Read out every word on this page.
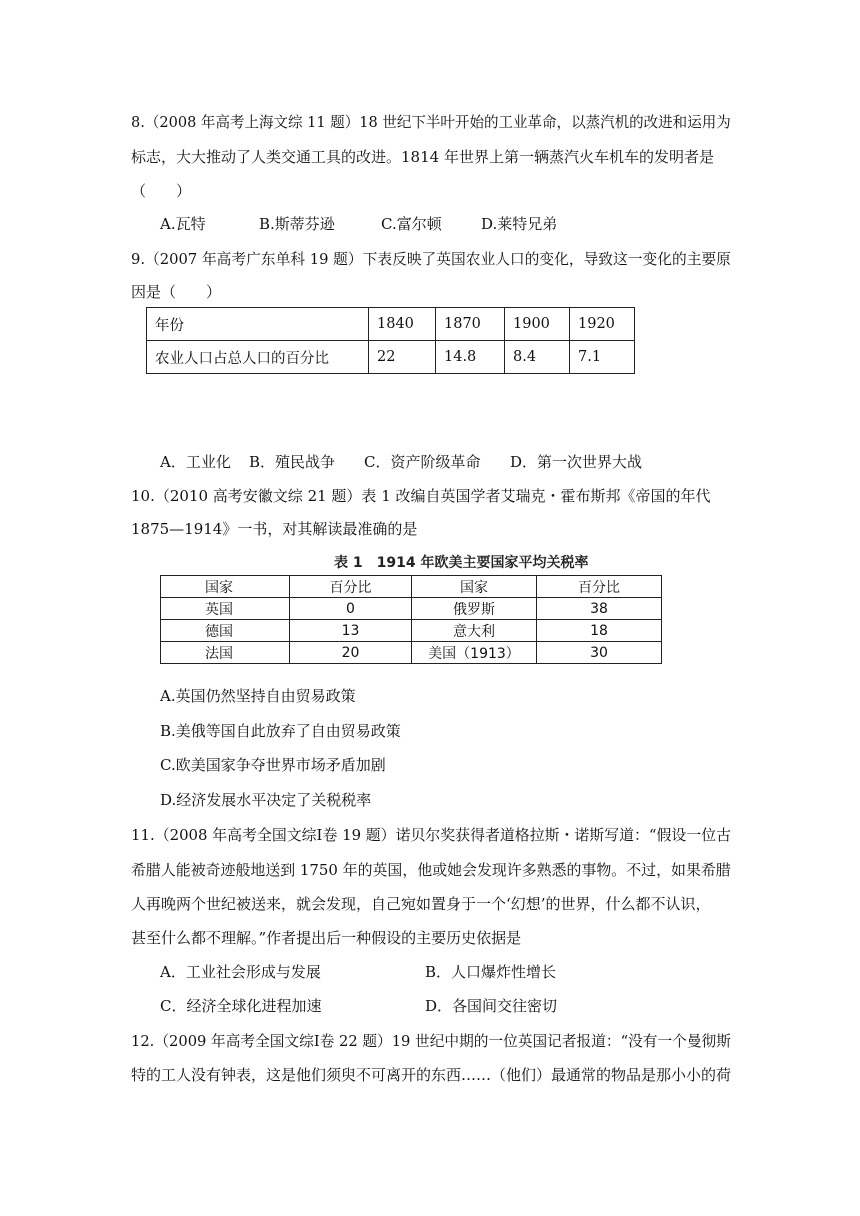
8.（2008 年高考上海文综 11 题）18 世纪下半叶开始的工业革命，以蒸汽机的改进和运用为
标志，大大推动了人类交通工具的改进。1814 年世界上第一辆蒸汽火车机车的发明者是
（　　）
A.瓦特	B.斯蒂芬逊	C.富尔顿	D.莱特兄弟
9.（2007 年高考广东单科 19 题）下表反映了英国农业人口的变化，导致这一变化的主要原
因是（　　）
年份	1840	1870	1900	1920
农业人口占总人口的百分比	22	14.8	8.4	7.1
A．工业化 B．殖民战争 C．资产阶级革命 D．第一次世界大战
10.（2010 高考安徽文综 21 题）表 1 改编自英国学者艾瑞克・霍布斯邦《帝国的年代
1875—1914》一书，对其解读最准确的是
表 1　1914 年欧美主要国家平均关税率
国家	百分比	国家	百分比
英国	0	俄罗斯	38
德国	13	意大利	18
法国	20	美国（1913）	30
A.英国仍然坚持自由贸易政策
B.美俄等国自此放弃了自由贸易政策
C.欧美国家争夺世界市场矛盾加剧
D.经济发展水平决定了关税税率
11.（2008 年高考全国文综Ⅰ卷 19 题）诺贝尔奖获得者道格拉斯・诺斯写道：“假设一位古
希腊人能被奇迹般地送到 1750 年的英国，他或她会发现许多熟悉的事物。不过，如果希腊
人再晚两个世纪被送来，就会发现，自己宛如置身于一个‘幻想’的世界，什么都不认识，
甚至什么都不理解。”作者提出后一种假设的主要历史依据是
A．工业社会形成与发展	B．人口爆炸性增长
C．经济全球化进程加速	D．各国间交往密切
12.（2009 年高考全国文综Ⅰ卷 22 题）19 世纪中期的一位英国记者报道：“没有一个曼彻斯
特的工人没有钟表，这是他们须臾不可离开的东西……（他们）最通常的物品是那小小的荷
